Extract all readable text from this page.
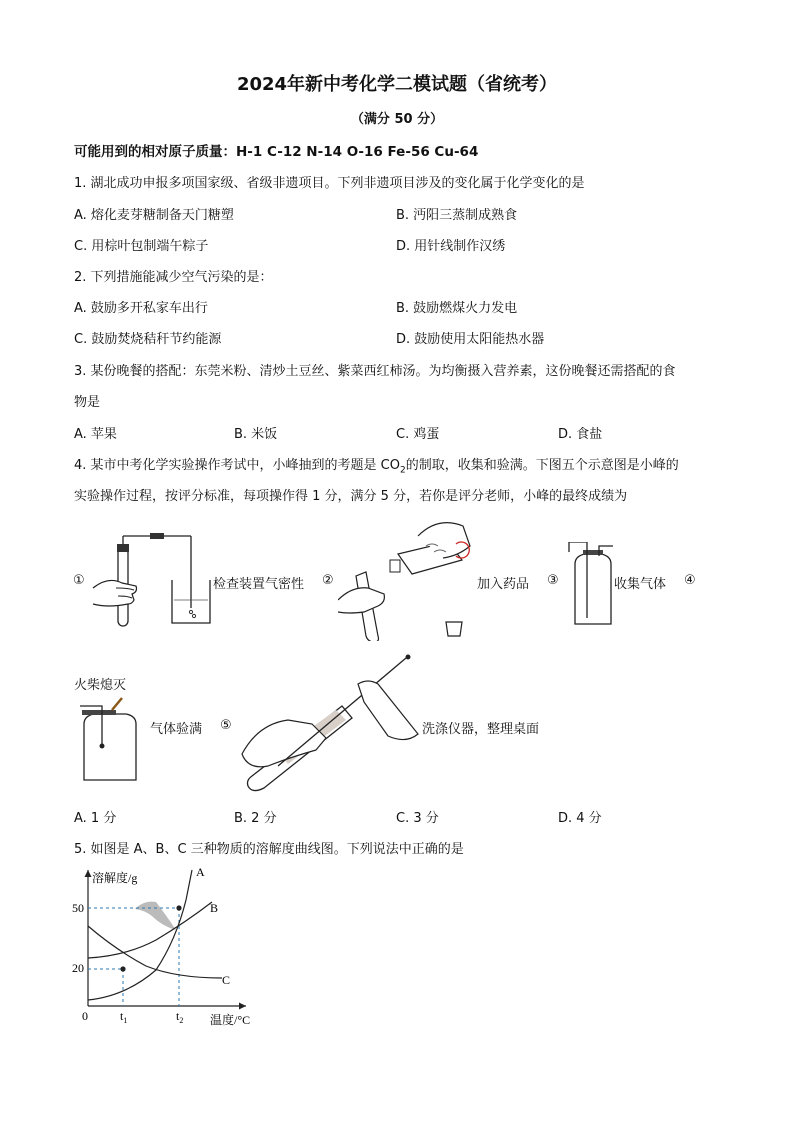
2024年新中考化学二模试题（省统考）
（满分 50 分）
可能用到的相对原子质量：H-1 C-12 N-14 O-16 Fe-56 Cu-64
1. 湖北成功申报多项国家级、省级非遗项目。下列非遗项目涉及的变化属于化学变化的是
A. 熔化麦芽糖制备天门糖塑	B. 沔阳三蒸制成熟食
C. 用棕叶包制端午粽子	D. 用针线制作汉绣
2. 下列措施能减少空气污染的是：
A. 鼓励多开私家车出行	B. 鼓励燃煤火力发电
C. 鼓励焚烧秸秆节约能源	D. 鼓励使用太阳能热水器
3. 某份晚餐的搭配：东莞米粉、清炒土豆丝、紫菜西红柿汤。为均衡摄入营养素，这份晚餐还需搭配的食
物是
A. 苹果	B. 米饭	C. 鸡蛋	D. 食盐
4. 某市中考化学实验操作考试中，小峰抽到的考题是 $CO_2$的制取，收集和验满。下图五个示意图是小峰的
实验操作过程，按评分标准，每项操作得 1 分，满分 5 分，若你是评分老师，小峰的最终成绩为
①	检查装置气密性 ②	加入药品 ③	收集气体 ④
火柴熄灭
气体验满 ⑤	洗涤仪器，整理桌面
A. 1 分	B. 2 分	C. 3 分	D. 4 分
5. 如图是 A、B、C 三种物质的溶解度曲线图。下列说法中正确的是
溶解度/g
50
20
0	$t_1$	$t_2$ 温度/°C
A
B
C
